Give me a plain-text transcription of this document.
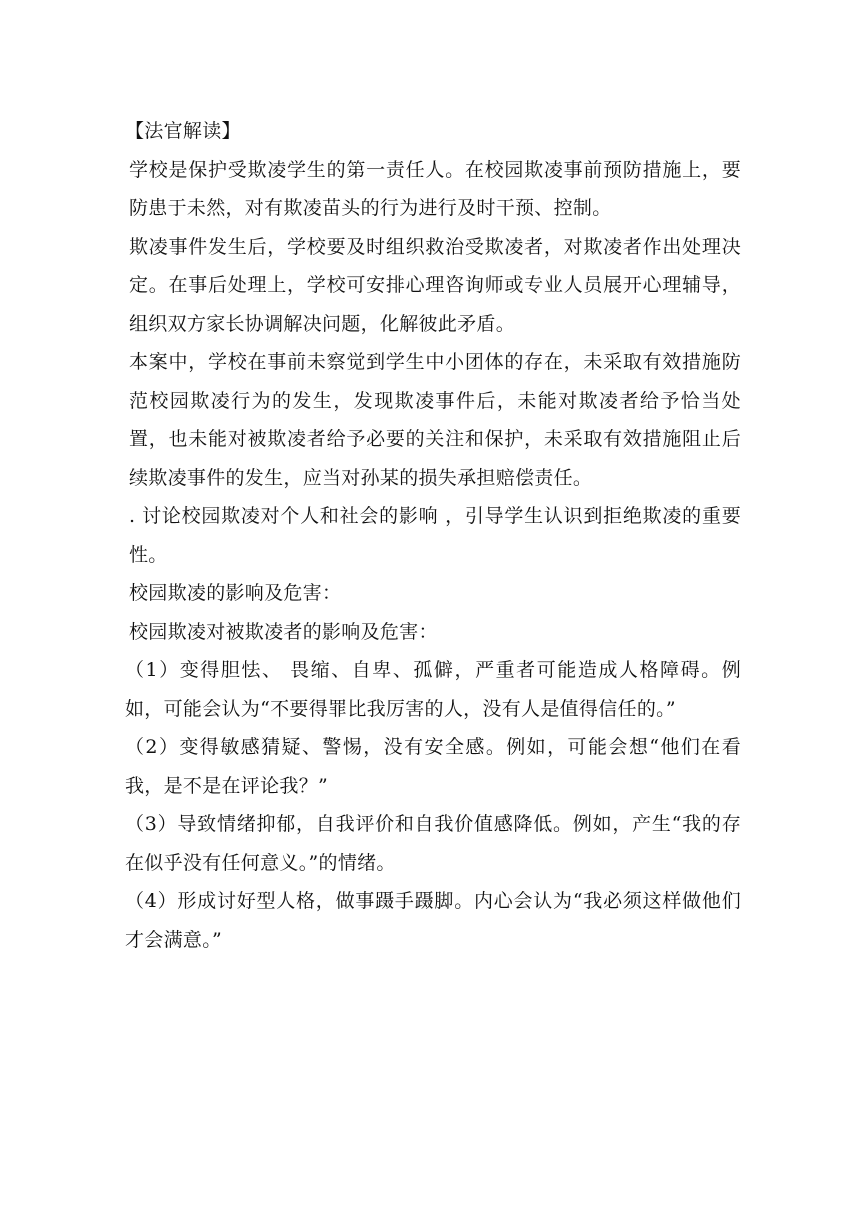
【法官解读】

学校是保护受欺凌学生的第一责任人。在校园欺凌事前预防措施上，要防患于未然，对有欺凌苗头的行为进行及时干预、控制。

欺凌事件发生后，学校要及时组织救治受欺凌者，对欺凌者作出处理决定。在事后处理上，学校可安排心理咨询师或专业人员展开心理辅导，组织双方家长协调解决问题，化解彼此矛盾。

本案中，学校在事前未察觉到学生中小团体的存在，未采取有效措施防范校园欺凌行为的发生，发现欺凌事件后，未能对欺凌者给予恰当处置，也未能对被欺凌者给予必要的关注和保护，未采取有效措施阻止后续欺凌事件的发生，应当对孙某的损失承担赔偿责任。

. 讨论校园欺凌对个人和社会的影响 ，引导学生认识到拒绝欺凌的重要性。

校园欺凌的影响及危害：

校园欺凌对被欺凌者的影响及危害：

（1）变得胆怯、 畏缩、自卑、孤僻，严重者可能造成人格障碍。例如，可能会认为“不要得罪比我厉害的人，没有人是值得信任的。”

（2）变得敏感猜疑、警惕，没有安全感。例如，可能会想“他们在看我，是不是在评论我？”

（3）导致情绪抑郁，自我评价和自我价值感降低。例如，产生“我的存在似乎没有任何意义。”的情绪。

（4）形成讨好型人格，做事蹑手蹑脚。内心会认为“我必须这样做他们才会满意。”
